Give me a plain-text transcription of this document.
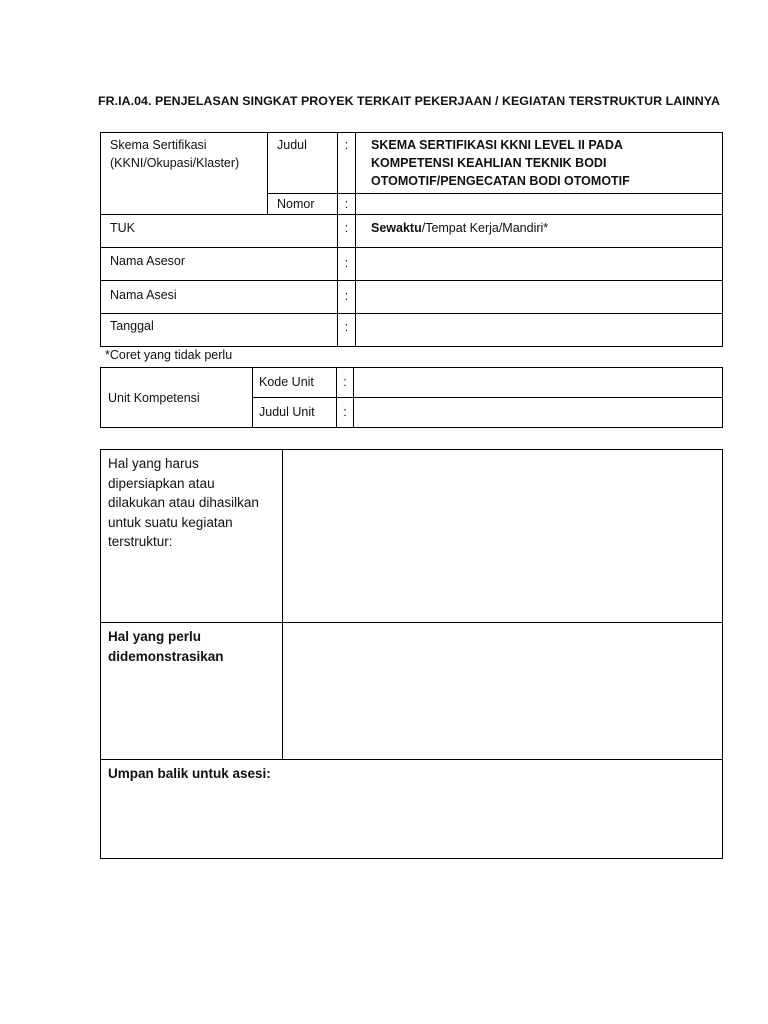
FR.IA.04. PENJELASAN SINGKAT PROYEK TERKAIT PEKERJAAN / KEGIATAN TERSTRUKTUR LAINNYA
Skema Sertifikasi (KKNI/Okupasi/Klaster)	Judul	:	SKEMA SERTIFIKASI KKNI LEVEL II PADA KOMPETENSI KEAHLIAN TEKNIK BODI OTOMOTIF/PENGECATAN BODI OTOMOTIF

	Nomor	:	

TUK		:	Sewaktu/Tempat Kerja/Mandiri*

Nama Asesor		:	

Nama Asesi		:	

Tanggal		:	

*Coret yang tidak perlu
Unit Kompetensi	Kode Unit	:	

	Judul Unit	:	

Hal yang harus dipersiapkan atau dilakukan atau dihasilkan untuk suatu kegiatan terstruktur:	

Hal yang perlu didemonstrasikan	

Umpan balik untuk asesi:	
